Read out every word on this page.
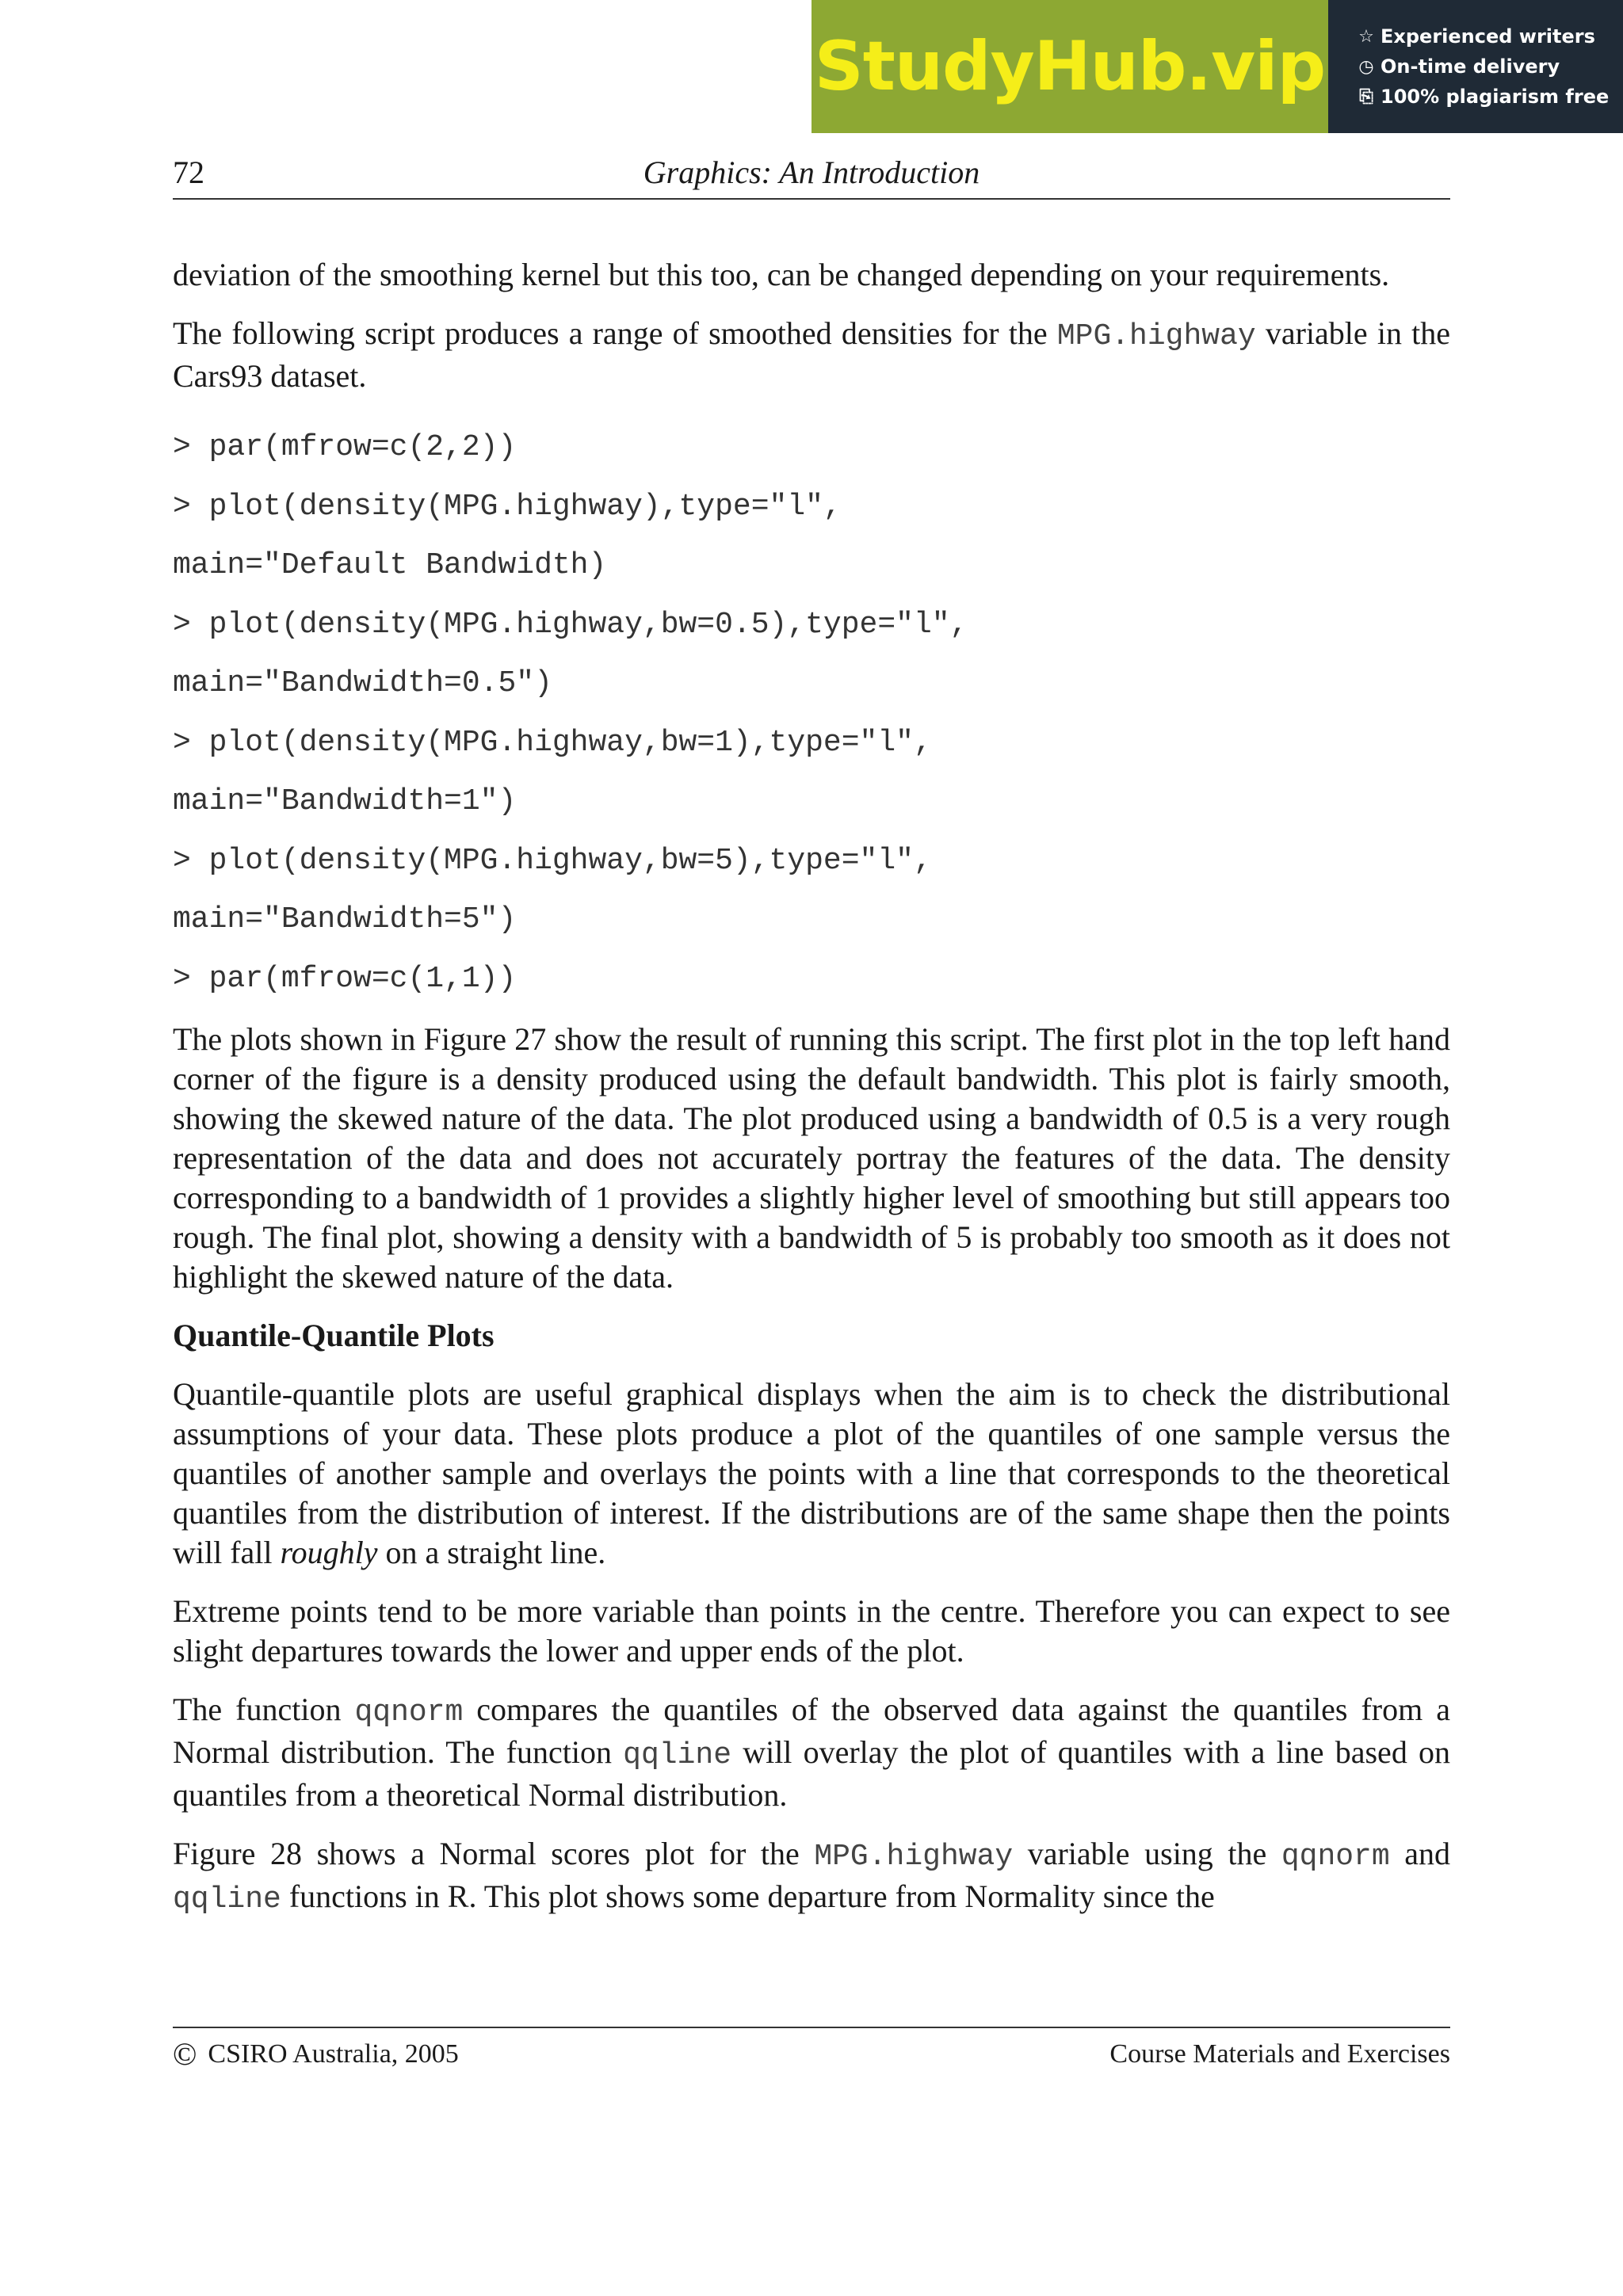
StudyHub.vip ☆ Experienced writers
◷ On-time delivery
⎘ 100% plagiarism free
72	Graphics: An Introduction

deviation of the smoothing kernel but this too, can be changed depending on your requirements.

The following script produces a range of smoothed densities for the MPG.highway variable in the Cars93 dataset.

> par(mfrow=c(2,2))
> plot(density(MPG.highway),type="l",
main="Default Bandwidth)
> plot(density(MPG.highway,bw=0.5),type="l",
main="Bandwidth=0.5")
> plot(density(MPG.highway,bw=1),type="l",
main="Bandwidth=1")
> plot(density(MPG.highway,bw=5),type="l",
main="Bandwidth=5")
> par(mfrow=c(1,1))

The plots shown in Figure 27 show the result of running this script. The first plot in the top left hand corner of the figure is a density produced using the default bandwidth. This plot is fairly smooth, showing the skewed nature of the data. The plot produced using a bandwidth of 0.5 is a very rough representation of the data and does not accurately portray the features of the data. The density corresponding to a bandwidth of 1 provides a slightly higher level of smoothing but still appears too rough. The final plot, showing a density with a bandwidth of 5 is probably too smooth as it does not highlight the skewed nature of the data.

Quantile-Quantile Plots

Quantile-quantile plots are useful graphical displays when the aim is to check the distributional assumptions of your data. These plots produce a plot of the quantiles of one sample versus the quantiles of another sample and overlays the points with a line that corresponds to the theoretical quantiles from the distribution of interest. If the distributions are of the same shape then the points will fall roughly on a straight line.

Extreme points tend to be more variable than points in the centre. Therefore you can expect to see slight departures towards the lower and upper ends of the plot.

The function qqnorm compares the quantiles of the observed data against the quantiles from a Normal distribution. The function qqline will overlay the plot of quantiles with a line based on quantiles from a theoretical Normal distribution.

Figure 28 shows a Normal scores plot for the MPG.highway variable using the qqnorm and qqline functions in R. This plot shows some departure from Normality since the

© CSIRO Australia, 2005	Course Materials and Exercises
